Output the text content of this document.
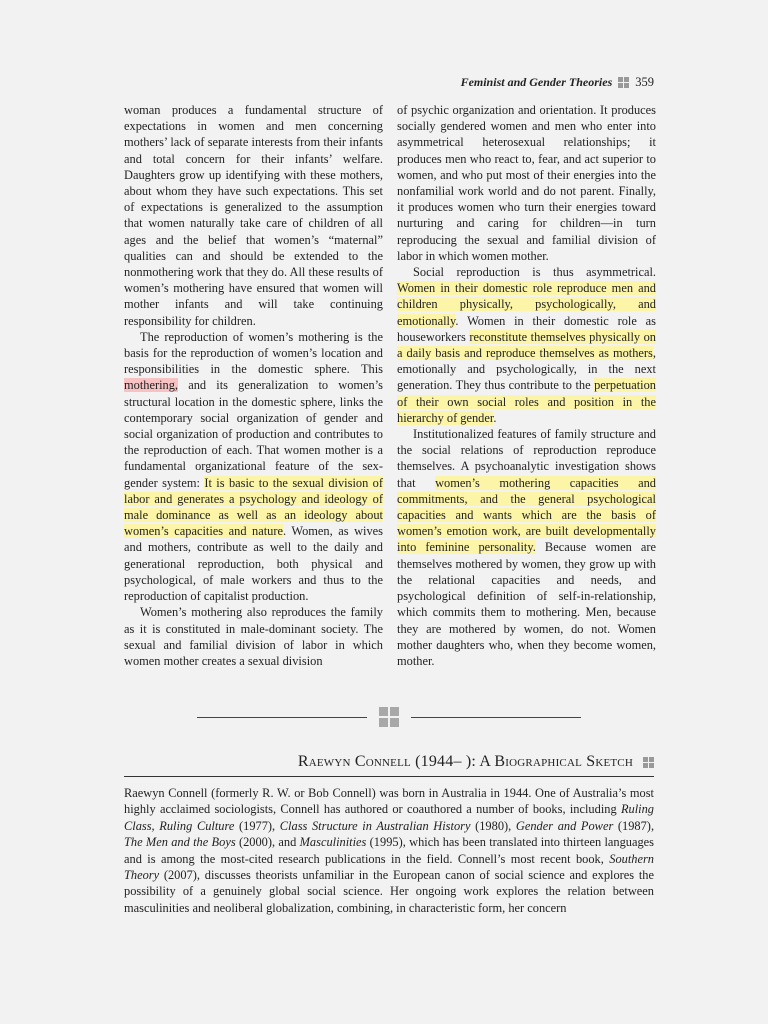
Feminist and Gender Theories 359

woman produces a fundamental structure of expectations in women and men concerning mothers’ lack of separate interests from their infants and total concern for their infants’ welfare. Daughters grow up identifying with these mothers, about whom they have such expectations. This set of expectations is generalized to the assumption that women naturally take care of children of all ages and the belief that women’s “maternal” qualities can and should be extended to the nonmothering work that they do. All these results of women’s mothering have ensured that women will mother infants and will take continuing responsibility for children.

The reproduction of women’s mothering is the basis for the reproduction of women’s location and responsibilities in the domestic sphere. This mothering, and its generalization to women’s structural location in the domestic sphere, links the contemporary social organization of gender and social organization of production and contributes to the reproduction of each. That women mother is a fundamental organizational feature of the sex-gender system: It is basic to the sexual division of labor and generates a psychology and ideology of male dominance as well as an ideology about women’s capacities and nature. Women, as wives and mothers, contribute as well to the daily and generational reproduction, both physical and psychological, of male workers and thus to the reproduction of capitalist production.

Women’s mothering also reproduces the family as it is constituted in male-dominant society. The sexual and familial division of labor in which women mother creates a sexual division

of psychic organization and orientation. It produces socially gendered women and men who enter into asymmetrical heterosexual relationships; it produces men who react to, fear, and act superior to women, and who put most of their energies into the nonfamilial work world and do not parent. Finally, it produces women who turn their energies toward nurturing and caring for children—in turn reproducing the sexual and familial division of labor in which women mother.

Social reproduction is thus asymmetrical. Women in their domestic role reproduce men and children physically, psychologically, and emotionally. Women in their domestic role as houseworkers reconstitute themselves physically on a daily basis and reproduce themselves as mothers, emotionally and psychologically, in the next generation. They thus contribute to the perpetuation of their own social roles and position in the hierarchy of gender.

Institutionalized features of family structure and the social relations of reproduction reproduce themselves. A psychoanalytic investigation shows that women’s mothering capacities and commitments, and the general psychological capacities and wants which are the basis of women’s emotion work, are built developmentally into feminine personality. Because women are themselves mothered by women, they grow up with the relational capacities and needs, and psychological definition of self-in-relationship, which commits them to mothering. Men, because they are mothered by women, do not. Women mother daughters who, when they become women, mother.

Raewyn Connell (1944– ): A Biographical Sketch

Raewyn Connell (formerly R. W. or Bob Connell) was born in Australia in 1944. One of Australia’s most highly acclaimed sociologists, Connell has authored or coauthored a number of books, including Ruling Class, Ruling Culture (1977), Class Structure in Australian History (1980), Gender and Power (1987), The Men and the Boys (2000), and Masculinities (1995), which has been translated into thirteen languages and is among the most-cited research publications in the field. Connell’s most recent book, Southern Theory (2007), discusses theorists unfamiliar in the European canon of social science and explores the possibility of a genuinely global social science. Her ongoing work explores the relation between masculinities and neoliberal globalization, combining, in characteristic form, her concern
